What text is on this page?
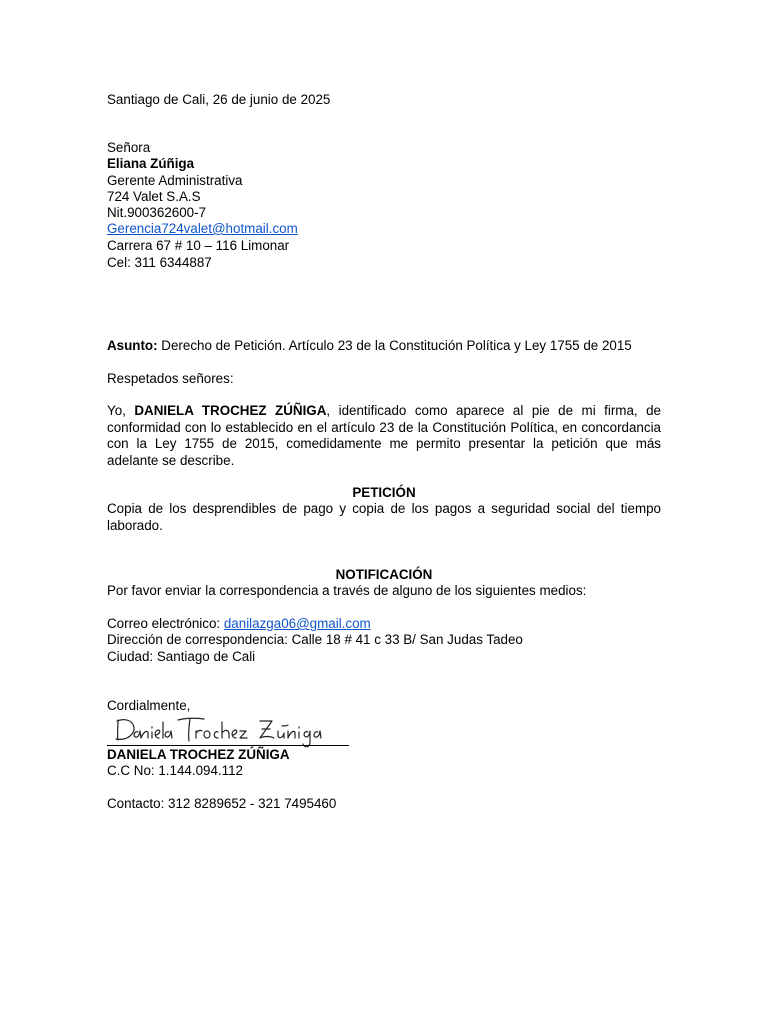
Santiago de Cali, 26 de junio de 2025
Señora
Eliana Zúñiga
Gerente Administrativa
724 Valet S.A.S
Nit.900362600-7
Gerencia724valet@hotmail.com
Carrera 67 # 10 – 116 Limonar
Cel: 311 6344887
Asunto: Derecho de Petición. Artículo 23 de la Constitución Política y Ley 1755 de 2015
Respetados señores:
Yo, DANIELA TROCHEZ ZÚÑIGA, identificado como aparece al pie de mi firma, de conformidad con lo establecido en el artículo 23 de la Constitución Política, en concordancia con la Ley 1755 de 2015, comedidamente me permito presentar la petición que más adelante se describe.
PETICIÓN
Copia de los desprendibles de pago y copia de los pagos a seguridad social del tiempo laborado.
NOTIFICACIÓN
Por favor enviar la correspondencia a través de alguno de los siguientes medios:
Correo electrónico: danilazga06@gmail.com
Dirección de correspondencia: Calle 18 # 41 c 33 B/ San Judas Tadeo
Ciudad: Santiago de Cali
Cordialmente,
DANIELA TROCHEZ ZÚÑIGA
C.C No: 1.144.094.112
Contacto: 312 8289652 - 321 7495460
